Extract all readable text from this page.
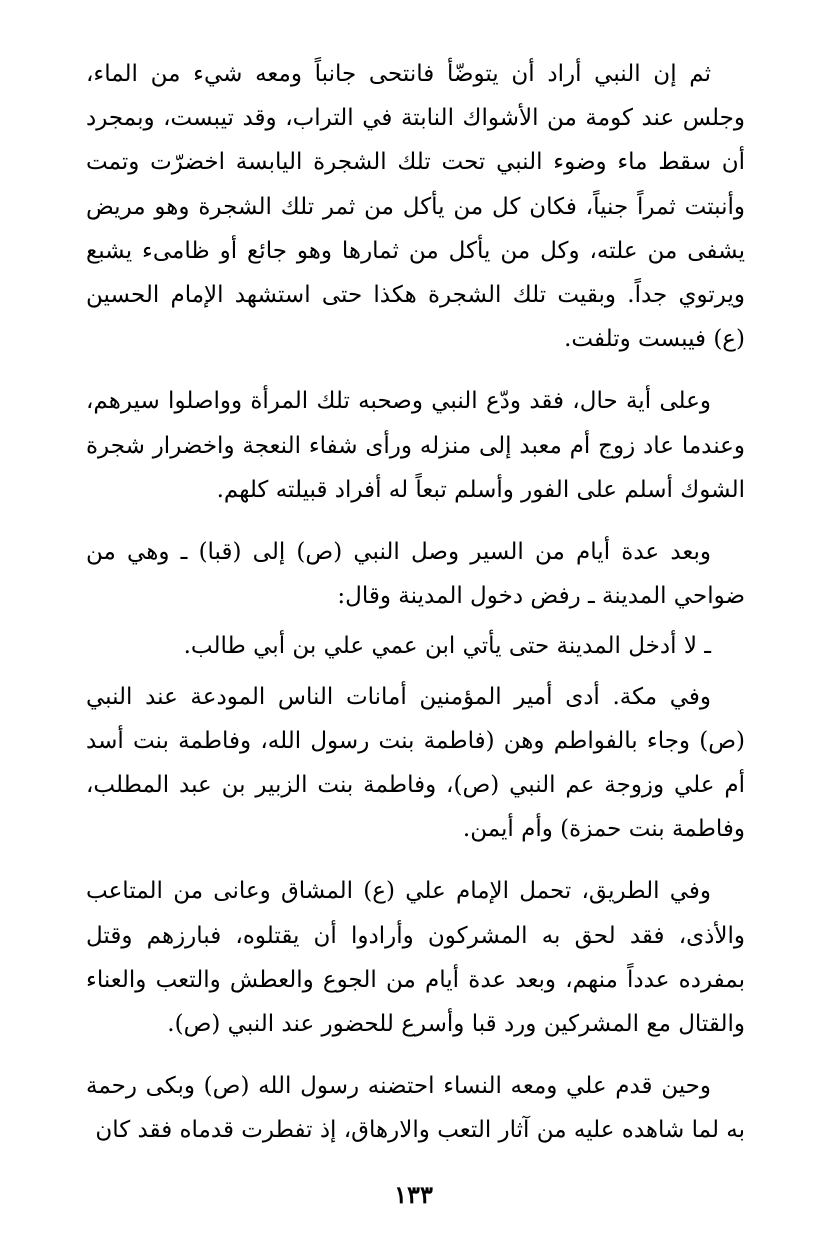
ثم إن النبي أراد أن يتوضّأ فانتحى جانباً ومعه شيء من الماء، وجلس عند كومة من الأشواك النابتة في التراب، وقد تيبست، وبمجرد أن سقط ماء وضوء النبي تحت تلك الشجرة اليابسة اخضرّت وتمت وأنبتت ثمراً جنياً، فكان كل من يأكل من ثمر تلك الشجرة وهو مريض يشفى من علته، وكل من يأكل من ثمارها وهو جائع أو ظامىء يشبع ويرتوي جداً. وبقيت تلك الشجرة هكذا حتى استشهد الإمام الحسين (ع) فيبست وتلفت.

وعلى أية حال، فقد ودّع النبي وصحبه تلك المرأة وواصلوا سيرهم، وعندما عاد زوج أم معبد إلى منزله ورأى شفاء النعجة واخضرار شجرة الشوك أسلم على الفور وأسلم تبعاً له أفراد قبيلته كلهم.

وبعد عدة أيام من السير وصل النبي (ص) إلى (قبا) ـ وهي من ضواحي المدينة ـ رفض دخول المدينة وقال:

ـ لا أدخل المدينة حتى يأتي ابن عمي علي بن أبي طالب.

وفي مكة. أدى أمير المؤمنين أمانات الناس المودعة عند النبي (ص) وجاء بالفواطم وهن (فاطمة بنت رسول الله، وفاطمة بنت أسد أم علي وزوجة عم النبي (ص)، وفاطمة بنت الزبير بن عبد المطلب، وفاطمة بنت حمزة) وأم أيمن.

وفي الطريق، تحمل الإمام علي (ع) المشاق وعانى من المتاعب والأذى، فقد لحق به المشركون وأرادوا أن يقتلوه، فبارزهم وقتل بمفرده عدداً منهم، وبعد عدة أيام من الجوع والعطش والتعب والعناء والقتال مع المشركين ورد قبا وأسرع للحضور عند النبي (ص).

وحين قدم علي ومعه النساء احتضنه رسول الله (ص) وبكى رحمة به لما شاهده عليه من آثار التعب والارهاق، إذ تفطرت قدماه فقد كان

١٣٣
